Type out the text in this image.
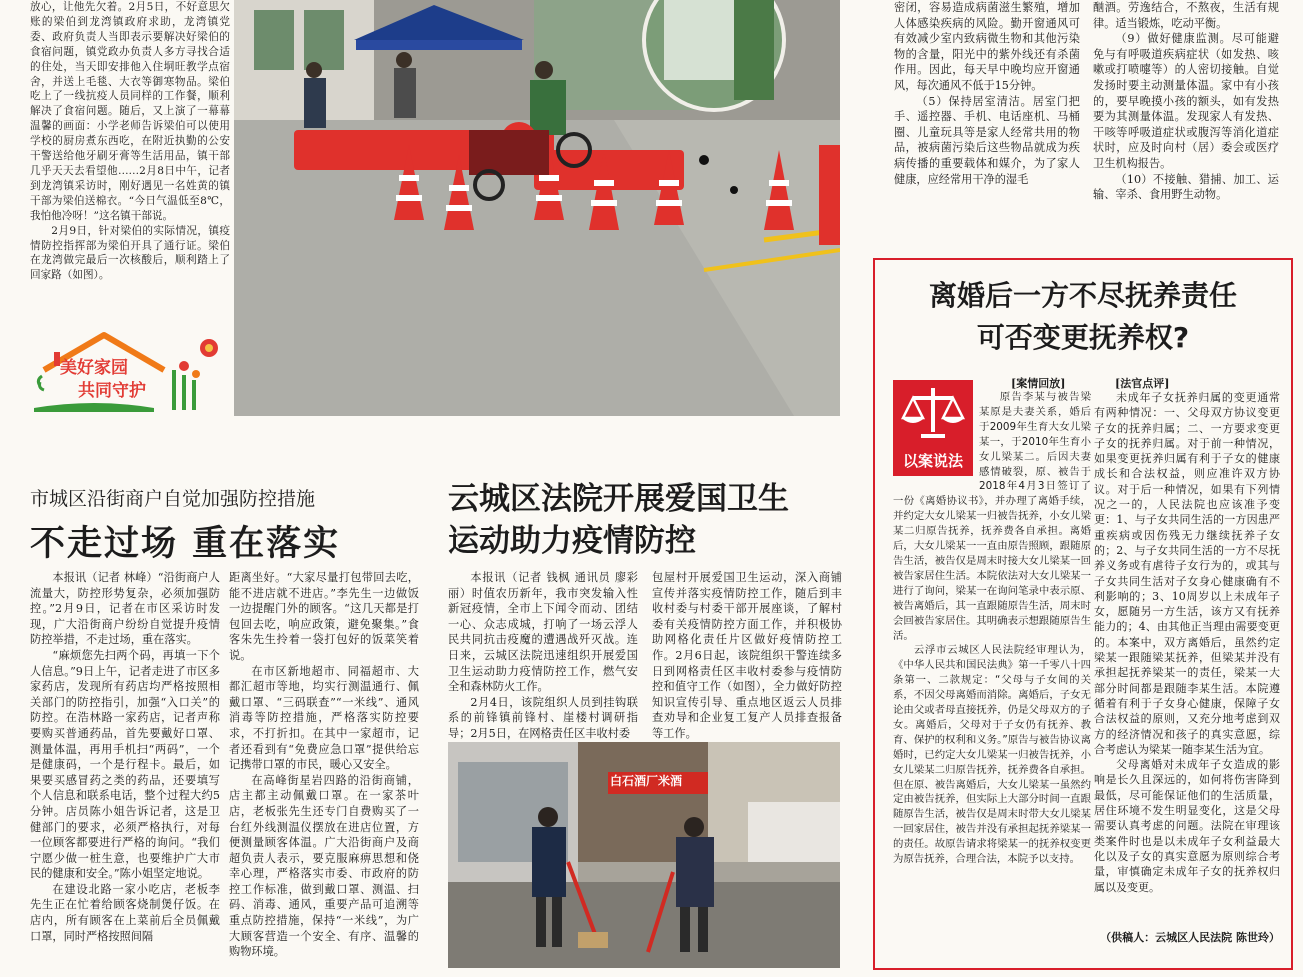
放心，让他先欠着。2月5日，不好意思欠账的梁伯到龙湾镇政府求助，龙湾镇党委、政府负责人当即表示要解决好梁伯的食宿问题，镇党政办负责人多方寻找合适的住处，当天即安排他入住垌旺教学点宿舍，并送上毛毯、大衣等御寒物品。梁伯吃上了一线抗疫人员同样的工作餐，顺利解决了食宿问题。随后，又上演了一幕幕温馨的画面：小学老师告诉梁伯可以使用学校的厨房煮东西吃，在附近执勤的公安干警送给他牙刷牙膏等生活用品，镇干部几乎天天去看望他……2月8日中午，记者到龙湾镇采访时，刚好遇见一名姓黄的镇干部为梁伯送棉衣。“今日气温低至8℃，我怕他冷呀！”这名镇干部说。

2月9日，针对梁伯的实际情况，镇疫情防控指挥部为梁伯开具了通行证。梁伯在龙湾做完最后一次核酸后，顺利踏上了回家路（如图）。

美好家园
共同守护

密闭，容易造成病菌滋生繁殖，增加人体感染疾病的风险。勤开窗通风可有效减少室内致病微生物和其他污染物的含量，阳光中的紫外线还有杀菌作用。因此，每天早中晚均应开窗通风，每次通风不低于15分钟。

（5）保持居室清洁。居室门把手、遥控器、手机、电话座机、马桶圈、儿童玩具等是家人经常共用的物品，被病菌污染后这些物品就成为疾病传播的重要载体和媒介，为了家人健康，应经常用干净的湿毛

酗酒。劳逸结合，不熬夜，生活有规律。适当锻炼，吃动平衡。

（9）做好健康监测。尽可能避免与有呼吸道疾病症状（如发热、咳嗽或打喷嚏等）的人密切接触。自觉发扬时要主动测量体温。家中有小孩的，要早晚摸小孩的额头，如有发热要为其测量体温。发现家人有发热、干咳等呼吸道症状或腹泻等消化道症状时，应及时向村（居）委会或医疗卫生机构报告。

（10）不接触、猎捕、加工、运输、宰杀、食用野生动物。

市城区沿街商户自觉加强防控措施
不走过场 重在落实

本报讯（记者 林峰）“沿街商户人流量大，防控形势复杂，必须加强防控。”2月9日，记者在市区采访时发现，广大沿街商户纷纷自觉提升疫情防控举措，不走过场，重在落实。

“麻烦您先扫两个码，再填一下个人信息。”9日上午，记者走进了市区多家药店，发现所有药店均严格按照相关部门的防控指引，加强“入口关”的防控。在浩林路一家药店，记者声称要购买普通药品，首先要戴好口罩、测量体温，再用手机扫“两码”，一个是健康码，一个是行程卡。最后，如果要买感冒药之类的药品，还要填写个人信息和联系电话，整个过程大约5分钟。店员陈小姐告诉记者，这是卫健部门的要求，必须严格执行，对每一位顾客都要进行严格的询问。“我们宁愿少做一桩生意，也要维护广大市民的健康和安全。”陈小姐坚定地说。

在建设北路一家小吃店，老板李先生正在忙着给顾客烧制煲仔饭。在店内，所有顾客在上菜前后全员佩戴口罩，同时严格按照间隔

距离坐好。“大家尽量打包带回去吃，能不进店就不进店。”李先生一边做饭一边提醒门外的顾客。“这几天都是打包回去吃，响应政策，避免聚集。”食客朱先生拎着一袋打包好的饭菜笑着说。

在市区新地超市、同福超市、大都汇超市等地，均实行测温通行、佩戴口罩、“三码联查”“一米线”、通风消毒等防控措施，严格落实防控要求，不打折扣。在其中一家超市，记者还看到有“免费应急口罩”提供给忘记携带口罩的市民，暖心又安全。

在高峰街星岩四路的沿街商铺，店主都主动佩戴口罩。在一家茶叶店，老板张先生还专门自费购买了一台红外线测温仪摆放在进店位置，方便测量顾客体温。广大沿街商户及商超负责人表示，要克服麻痹思想和侥幸心理，严格落实市委、市政府的防控工作标准，做到戴口罩、测温、扫码、消毒、通风，重要产品可追溯等重点防控措施，保持“一米线”，为广大顾客营造一个安全、有序、温馨的购物环境。

云城区法院开展爱国卫生
运动助力疫情防控

本报讯（记者 钱枫 通讯员 廖彩丽）时值农历新年，我市突发输入性新冠疫情，全市上下闻令而动、团结一心、众志成城，打响了一场云浮人民共同抗击疫魔的遭遇战歼灭战。连日来，云城区法院迅速组织开展爱国卫生运动助力疫情防控工作，燃气安全和森林防火工作。

2月4日，该院组织人员到挂钩联系的前锋镇前锋村、崖楼村调研指导；2月5日，在网格责任区丰收村委

包屋村开展爱国卫生运动，深入商铺宣传并落实疫情防控工作，随后到丰收村委与村委干部开展座谈，了解村委有关疫情防控方面工作，并积极协助网格化责任片区做好疫情防控工作。2月6日起，该院组织干警连续多日到网格责任区丰收村委参与疫情防控和值守工作（如图），全力做好防控知识宣传引导、重点地区返云人员排查劝导和企业复工复产人员排查报备等工作。

白石酒厂米酒
离婚后一方不尽抚养责任
可否变更抚养权?
以案说法
[案情回放]

原告李某与被告梁某原是夫妻关系，婚后于2009年生育大女儿梁某一，于2010年生育小女儿梁某二。后因夫妻感情破裂，原、被告于2018年4月3日签订了一份《离婚协议书》，并办理了离婚手续，并约定大女儿梁某一归被告抚养，小女儿梁某二归原告抚养，抚养费各自承担。离婚后，大女儿梁某一一直由原告照顾，跟随原告生活，被告仅是周末时接大女儿梁某一回被告家居住生活。本院依法对大女儿梁某一进行了询问，梁某一在询问笔录中表示原、被告离婚后，其一直跟随原告生活，周末时会回被告家居住。其明确表示想跟随原告生活。

云浮市云城区人民法院经审理认为，《中华人民共和国民法典》第一千零八十四条第一、二款规定：“父母与子女间的关系，不因父母离婚而消除。离婚后，子女无论由父或者母直接抚养，仍是父母双方的子女。离婚后，父母对于子女仍有抚养、教育、保护的权利和义务。”原告与被告协议离婚时，已约定大女儿梁某一归被告抚养，小女儿梁某二归原告抚养，抚养费各自承担。但在原、被告离婚后，大女儿梁某一虽然约定由被告抚养，但实际上大部分时间一直跟随原告生活，被告仅是周末时带大女儿梁某一回家居住，被告并没有承担起抚养梁某一的责任。故原告请求将梁某一的抚养权变更为原告抚养，合理合法，本院予以支持。

[法官点评]

未成年子女抚养归属的变更通常有两种情况：一、父母双方协议变更子女的抚养归属；二、一方要求变更子女的抚养归属。对于前一种情况，如果变更抚养归属有利于子女的健康成长和合法权益，则应准许双方协议。对于后一种情况，如果有下列情况之一的，人民法院也应该准予变更：1、与子女共同生活的一方因患严重疾病或因伤残无力继续抚养子女的；2、与子女共同生活的一方不尽抚养义务或有虐待子女行为的，或其与子女共同生活对子女身心健康确有不利影响的；3、10周岁以上未成年子女，愿随另一方生活，该方又有抚养能力的；4、由其他正当理由需要变更的。本案中，双方离婚后，虽然约定梁某一跟随梁某抚养，但梁某并没有承担起抚养梁某一的责任，梁某一大部分时间都是跟随李某生活。本院遵循着有利于子女身心健康，保障子女合法权益的原则，又充分地考虑到双方的经济情况和孩子的真实意愿，综合考虑认为梁某一随李某生活为宜。

父母离婚对未成年子女造成的影响是长久且深远的，如何将伤害降到最低，尽可能保证他们的生活质量，居住环境不发生明显变化，这是父母需要认真考虑的问题。法院在审理该类案件时也是以未成年子女利益最大化以及子女的真实意愿为原则综合考量，审慎确定未成年子女的抚养权归属以及变更。

（供稿人：云城区人民法院 陈世玲）
